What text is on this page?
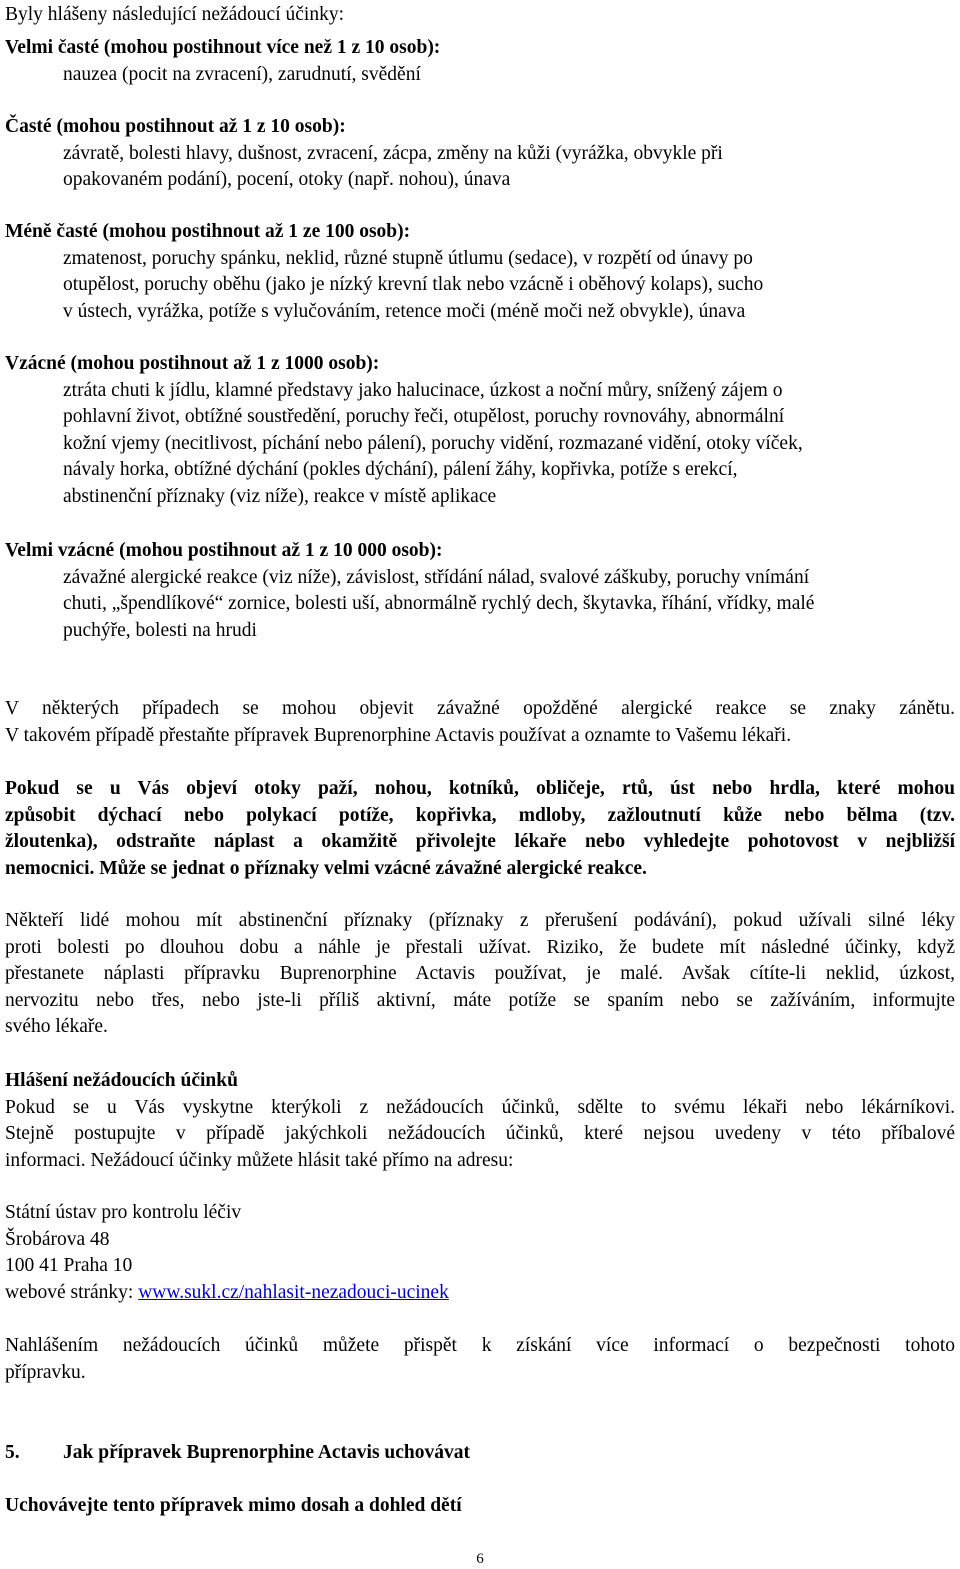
Byly hlášeny následující nežádoucí účinky:

Velmi časté (mohou postihnout více než 1 z 10 osob):

nauzea (pocit na zvracení), zarudnutí, svědění

Časté (mohou postihnout až 1 z 10 osob):

závratě, bolesti hlavy, dušnost, zvracení, zácpa, změny na kůži (vyrážka, obvykle při

opakovaném podání), pocení, otoky (např. nohou), únava

Méně časté (mohou postihnout až 1 ze 100 osob):

zmatenost, poruchy spánku, neklid, různé stupně útlumu (sedace), v rozpětí od únavy po

otupělost, poruchy oběhu (jako je nízký krevní tlak nebo vzácně i oběhový kolaps), sucho

v ústech, vyrážka, potíže s vylučováním, retence moči (méně moči než obvykle), únava

Vzácné (mohou postihnout až 1 z 1000 osob):

ztráta chuti k jídlu, klamné představy jako halucinace, úzkost a noční můry, snížený zájem o

pohlavní život, obtížné soustředění, poruchy řeči, otupělost, poruchy rovnováhy, abnormální

kožní vjemy (necitlivost, píchání nebo pálení), poruchy vidění, rozmazané vidění, otoky víček,

návaly horka, obtížné dýchání (pokles dýchání), pálení žáhy, kopřivka, potíže s erekcí,

abstinenční příznaky (viz níže), reakce v místě aplikace

Velmi vzácné (mohou postihnout až 1 z 10 000 osob):

závažné alergické reakce (viz níže), závislost, střídání nálad, svalové záškuby, poruchy vnímání

chuti, „špendlíkové“ zornice, bolesti uší, abnormálně rychlý dech, škytavka, říhání, vřídky, malé

puchýře, bolesti na hrudi

V některých případech se mohou objevit závažné opožděné alergické reakce se znaky zánětu.

V takovém případě přestaňte přípravek Buprenorphine Actavis používat a oznamte to Vašemu lékaři.

Pokud se u Vás objeví otoky paží, nohou, kotníků, obličeje, rtů, úst nebo hrdla, které mohou

způsobit dýchací nebo polykací potíže, kopřivka, mdloby, zažloutnutí kůže nebo bělma (tzv.

žloutenka), odstraňte náplast a okamžitě přivolejte lékaře nebo vyhledejte pohotovost v nejbližší

nemocnici. Může se jednat o příznaky velmi vzácné závažné alergické reakce.

Někteří lidé mohou mít abstinenční příznaky (příznaky z přerušení podávání), pokud užívali silné léky

proti bolesti po dlouhou dobu a náhle je přestali užívat. Riziko, že budete mít následné účinky, když

přestanete náplasti přípravku Buprenorphine Actavis používat, je malé. Avšak cítíte-li neklid, úzkost,

nervozitu nebo třes, nebo jste-li příliš aktivní, máte potíže se spaním nebo se zažíváním, informujte

svého lékaře.

Hlášení nežádoucích účinků

Pokud se u Vás vyskytne kterýkoli z nežádoucích účinků, sdělte to svému lékaři nebo lékárníkovi.

Stejně postupujte v případě jakýchkoli nežádoucích účinků, které nejsou uvedeny v této příbalové

informaci. Nežádoucí účinky můžete hlásit také přímo na adresu:

Státní ústav pro kontrolu léčiv

Šrobárova 48

100 41 Praha 10

webové stránky: www.sukl.cz/nahlasit-nezadouci-ucinek

Nahlášením nežádoucích účinků můžete přispět k získání více informací o bezpečnosti tohoto

přípravku.

5.	Jak přípravek Buprenorphine Actavis uchovávat

Uchovávejte tento přípravek mimo dosah a dohled dětí

6
